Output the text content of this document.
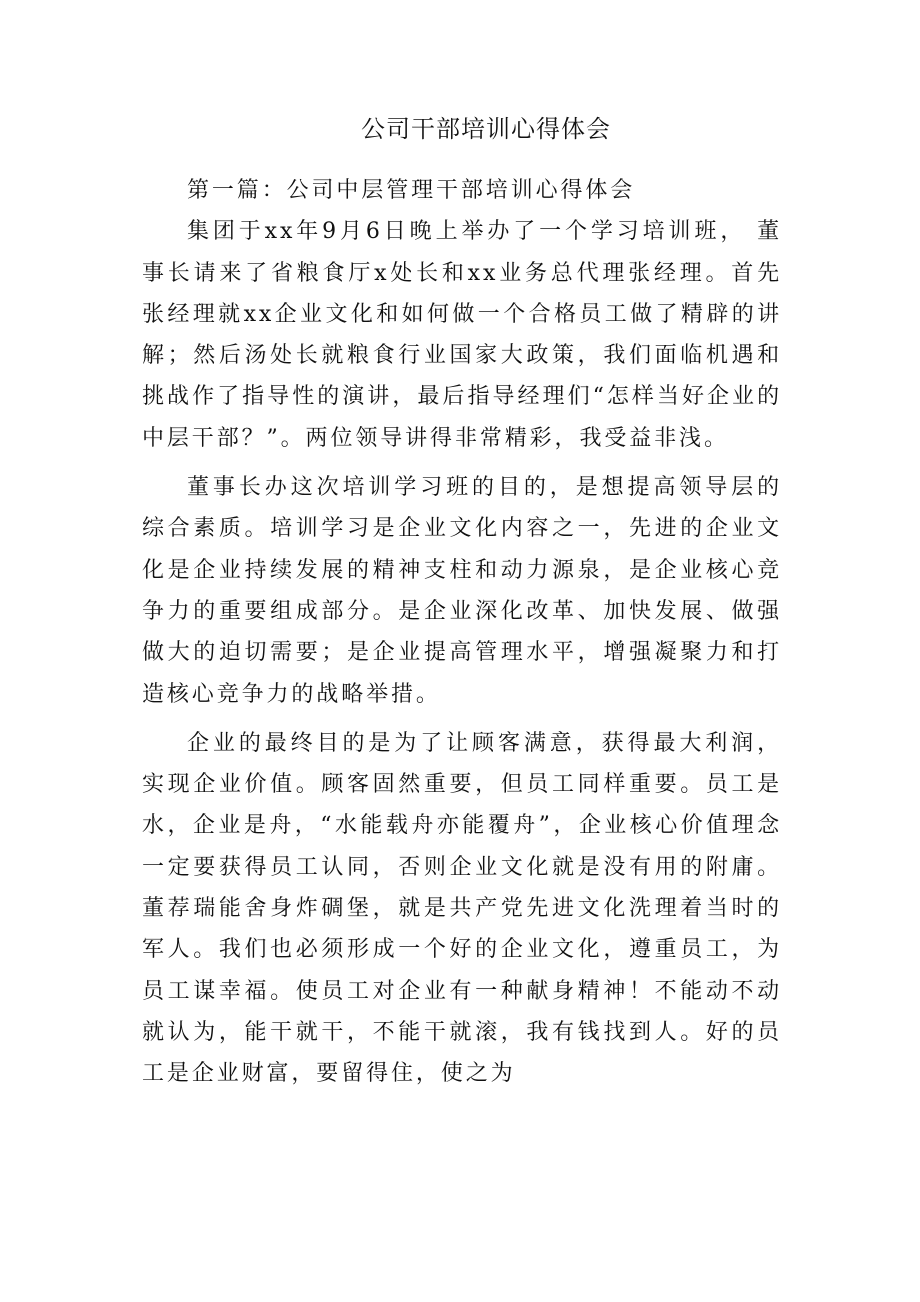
公司干部培训心得体会

第一篇：公司中层管理干部培训心得体会

集团于xx年9月6日晚上举办了一个学习培训班， 董事长请来了省粮食厅x处长和xx业务总代理张经理。首先张经理就xx企业文化和如何做一个合格员工做了精辟的讲解；然后汤处长就粮食行业国家大政策，我们面临机遇和挑战作了指导性的演讲，最后指导经理们“怎样当好企业的中层干部？”。两位领导讲得非常精彩，我受益非浅。

董事长办这次培训学习班的目的，是想提高领导层的综合素质。培训学习是企业文化内容之一，先进的企业文化是企业持续发展的精神支柱和动力源泉，是企业核心竞争力的重要组成部分。是企业深化改革、加快发展、做强做大的迫切需要；是企业提高管理水平，增强凝聚力和打造核心竞争力的战略举措。

企业的最终目的是为了让顾客满意，获得最大利润，实现企业价值。顾客固然重要，但员工同样重要。员工是水，企业是舟，“水能载舟亦能覆舟”，企业核心价值理念一定要获得员工认同，否则企业文化就是没有用的附庸。董荐瑞能舍身炸碉堡，就是共产党先进文化洗理着当时的军人。我们也必须形成一个好的企业文化，遵重员工，为员工谋幸福。使员工对企业有一种献身精神！不能动不动就认为，能干就干，不能干就滚，我有钱找到人。好的员工是企业财富，要留得住，使之为
